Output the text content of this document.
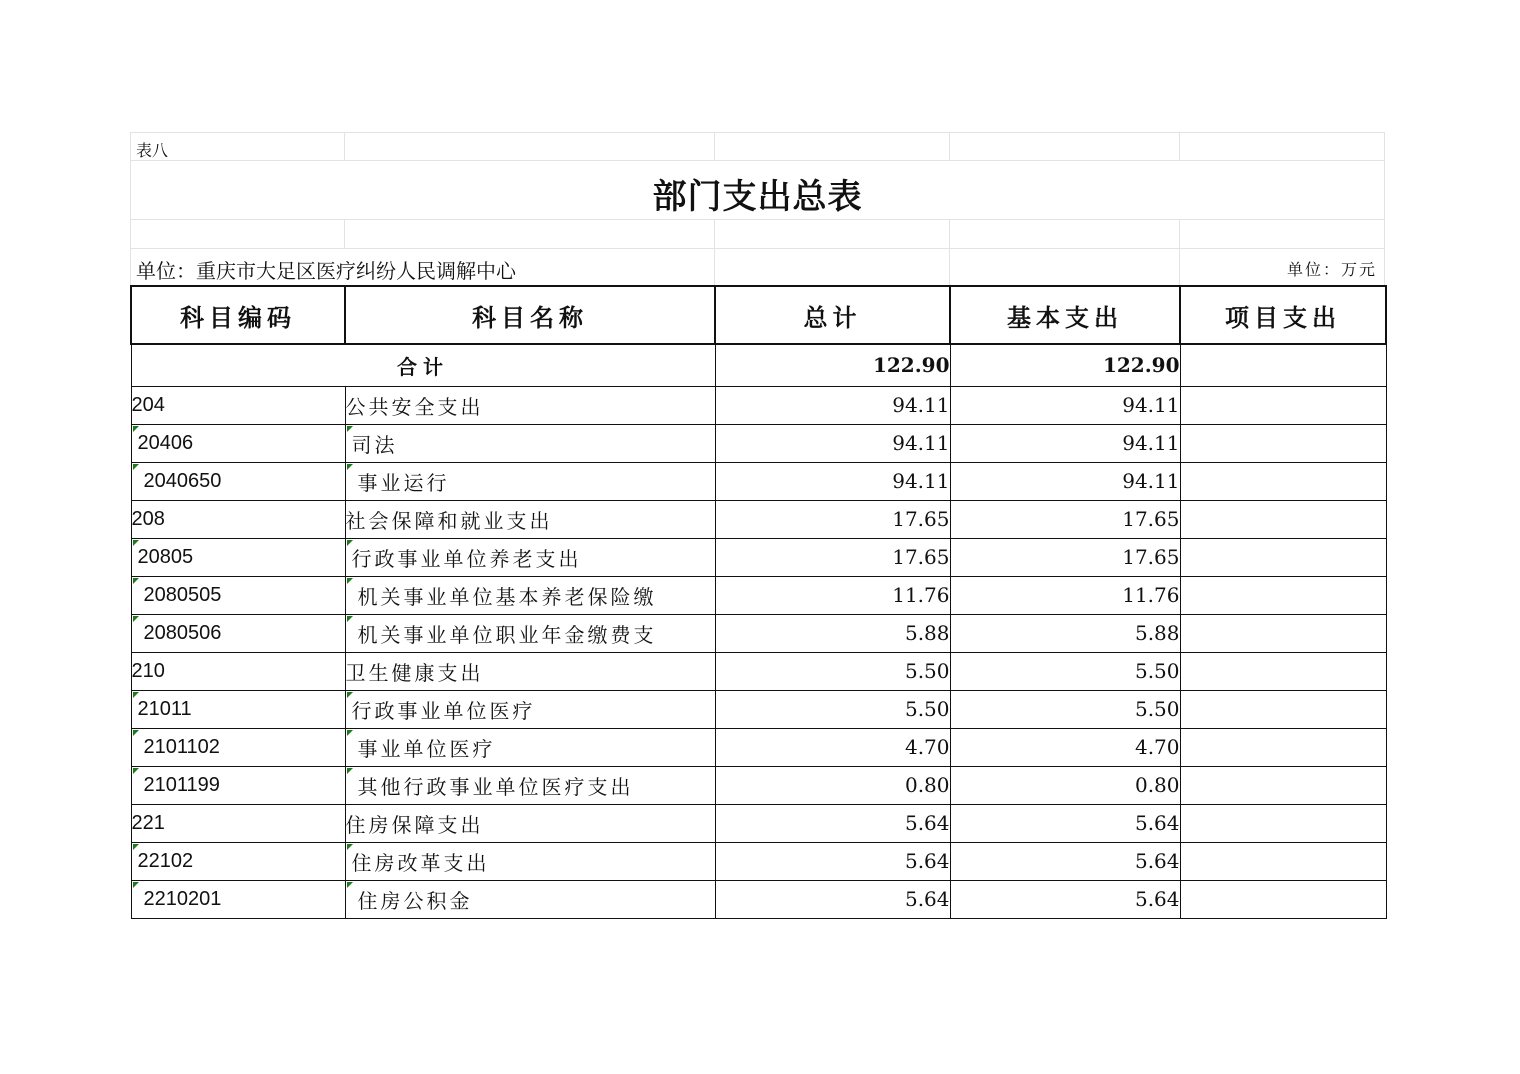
表八
部门支出总表
单位：重庆市大足区医疗纠纷人民调解中心	单位：万元
科目编码	科目名称	总计	基本支出	项目支出
合计		122.90	122.90	
204	公共安全支出	94.11	94.11	

20406	司法	94.11	94.11	

2040650	事业运行	94.11	94.11	
208	社会保障和就业支出	17.65	17.65	

20805	行政事业单位养老支出	17.65	17.65	

2080505	机关事业单位基本养老保险缴	11.76	11.76	

2080506	机关事业单位职业年金缴费支	5.88	5.88	
210	卫生健康支出	5.50	5.50	

21011	行政事业单位医疗	5.50	5.50	

2101102	事业单位医疗	4.70	4.70	

2101199	其他行政事业单位医疗支出	0.80	0.80	
221	住房保障支出	5.64	5.64	

22102	住房改革支出	5.64	5.64	

2210201	住房公积金	5.64	5.64	
